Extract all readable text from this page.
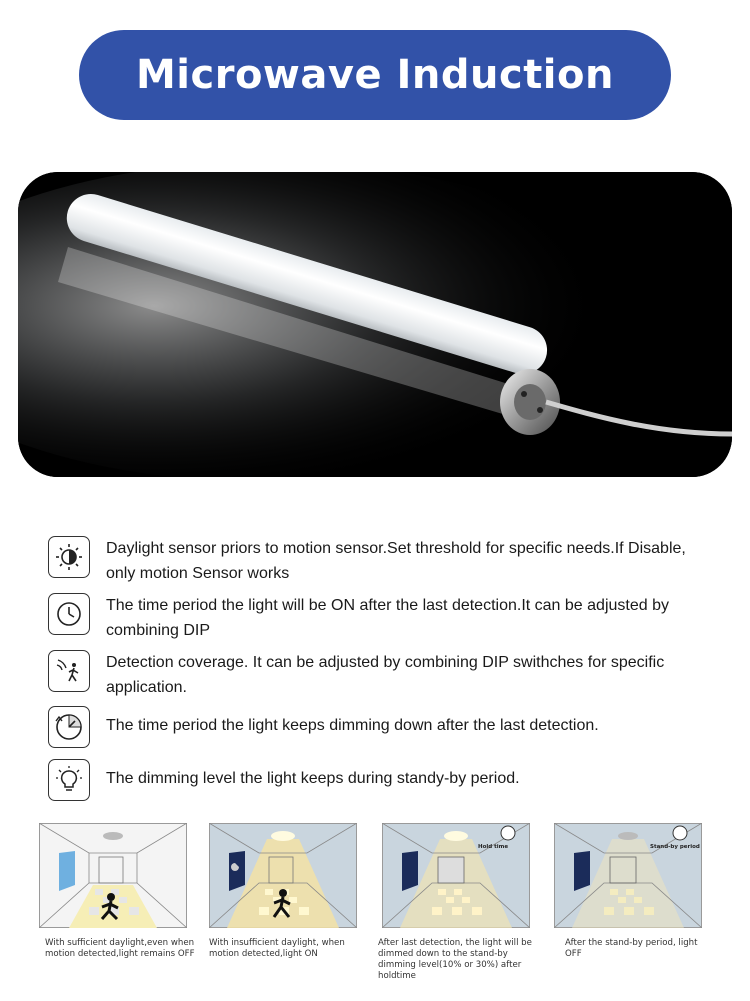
Microwave Induction
Daylight sensor priors to motion sensor.Set threshold for specific needs.If Disable, only motion Sensor works
The time period the light will be ON after the last detection.It can be adjusted by combining DIP
Detection coverage. It can be adjusted by combining DIP swithches for specific application.
The time period the light keeps dimming down after the last detection.
The dimming level the light keeps during standy-by period.
Hold time	Stand-by period
With sufficient daylight,even when motion detected,light remains OFF
With insufficient daylight, when motion detected,light ON
After last detection, the light will be dimmed down to the stand-by dimming level(10% or 30%) after holdtime
After the stand-by period, light OFF
